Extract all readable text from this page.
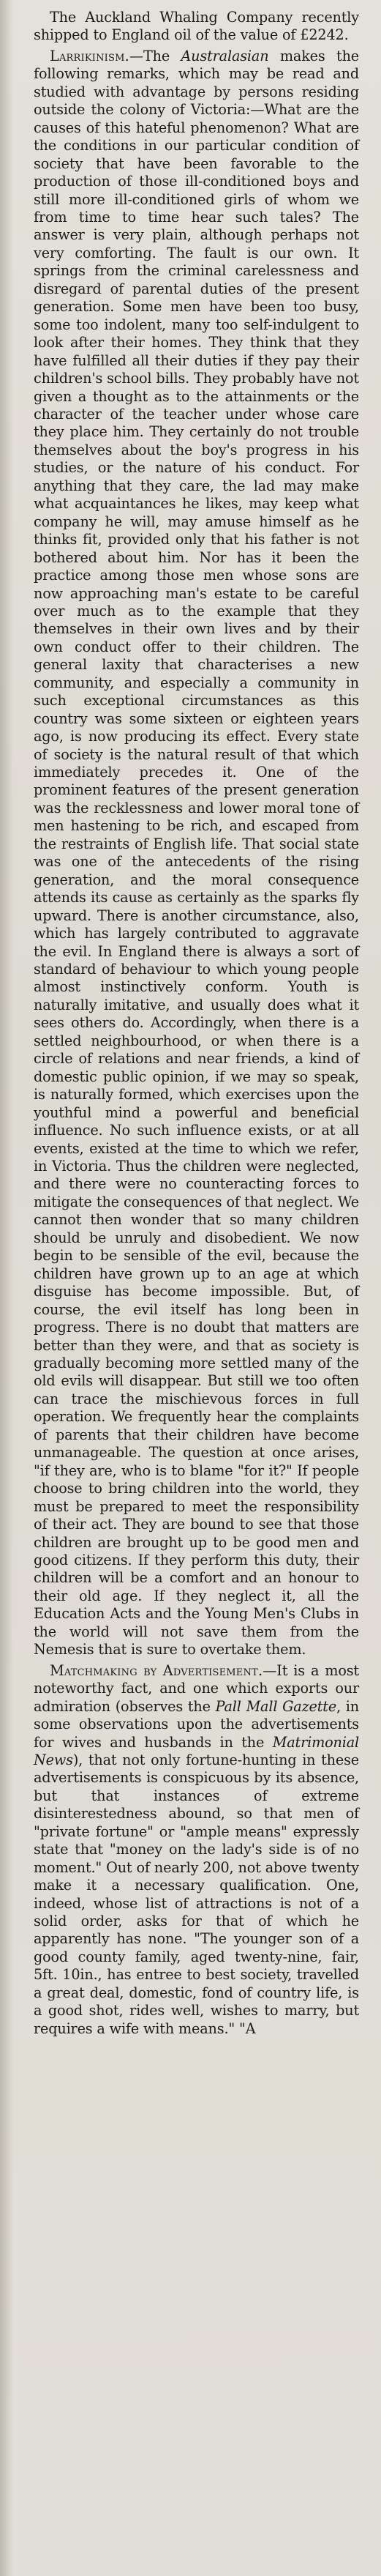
The Auckland Whaling Company recently shipped to England oil of the value of £2242.

Larrikinism.—The Australasian makes the following remarks, which may be read and studied with advantage by persons residing outside the colony of Victoria:—What are the causes of this hateful phenomenon? What are the conditions in our particular condition of society that have been favorable to the production of those ill-conditioned boys and still more ill-conditioned girls of whom we from time to time hear such tales? The answer is very plain, although perhaps not very comforting. The fault is our own. It springs from the criminal carelessness and disregard of parental duties of the present generation. Some men have been too busy, some too indolent, many too self-indulgent to look after their homes. They think that they have fulfilled all their duties if they pay their children's school bills. They probably have not given a thought as to the attainments or the character of the teacher under whose care they place him. They certainly do not trouble themselves about the boy's progress in his studies, or the nature of his conduct. For anything that they care, the lad may make what acquaintances he likes, may keep what company he will, may amuse himself as he thinks fit, provided only that his father is not bothered about him. Nor has it been the practice among those men whose sons are now approaching man's estate to be careful over much as to the example that they themselves in their own lives and by their own conduct offer to their children. The general laxity that characterises a new community, and especially a community in such exceptional circumstances as this country was some sixteen or eighteen years ago, is now producing its effect. Every state of society is the natural result of that which immediately precedes it. One of the prominent features of the present generation was the recklessness and lower moral tone of men hastening to be rich, and escaped from the restraints of English life. That social state was one of the antecedents of the rising generation, and the moral consequence attends its cause as certainly as the sparks fly upward. There is another circumstance, also, which has largely contributed to aggravate the evil. In England there is always a sort of standard of behaviour to which young people almost instinctively conform. Youth is naturally imitative, and usually does what it sees others do. Accordingly, when there is a settled neighbourhood, or when there is a circle of relations and near friends, a kind of domestic public opinion, if we may so speak, is naturally formed, which exercises upon the youthful mind a powerful and beneficial influence. No such influence exists, or at all events, existed at the time to which we refer, in Victoria. Thus the children were neglected, and there were no counteracting forces to mitigate the consequences of that neglect. We cannot then wonder that so many children should be unruly and disobedient. We now begin to be sensible of the evil, because the children have grown up to an age at which disguise has become impossible. But, of course, the evil itself has long been in progress. There is no doubt that matters are better than they were, and that as society is gradually becoming more settled many of the old evils will disappear. But still we too often can trace the mischievous forces in full operation. We frequently hear the complaints of parents that their children have become unmanageable. The question at once arises, "if they are, who is to blame "for it?" If people choose to bring children into the world, they must be prepared to meet the responsibility of their act. They are bound to see that those children are brought up to be good men and good citizens. If they perform this duty, their children will be a comfort and an honour to their old age. If they neglect it, all the Education Acts and the Young Men's Clubs in the world will not save them from the Nemesis that is sure to overtake them.

Matchmaking by Advertisement.—It is a most noteworthy fact, and one which exports our admiration (observes the Pall Mall Gazette, in some observations upon the advertisements for wives and husbands in the Matrimonial News), that not only fortune-hunting in these advertisements is conspicuous by its absence, but that instances of extreme disinterestedness abound, so that men of "private fortune" or "ample means" expressly state that "money on the lady's side is of no moment." Out of nearly 200, not above twenty make it a necessary qualification. One, indeed, whose list of attractions is not of a solid order, asks for that of which he apparently has none. "The younger son of a good county family, aged twenty-nine, fair, 5ft. 10in., has entree to best society, travelled a great deal, domestic, fond of country life, is a good shot, rides well, wishes to marry, but requires a wife with means." "A
